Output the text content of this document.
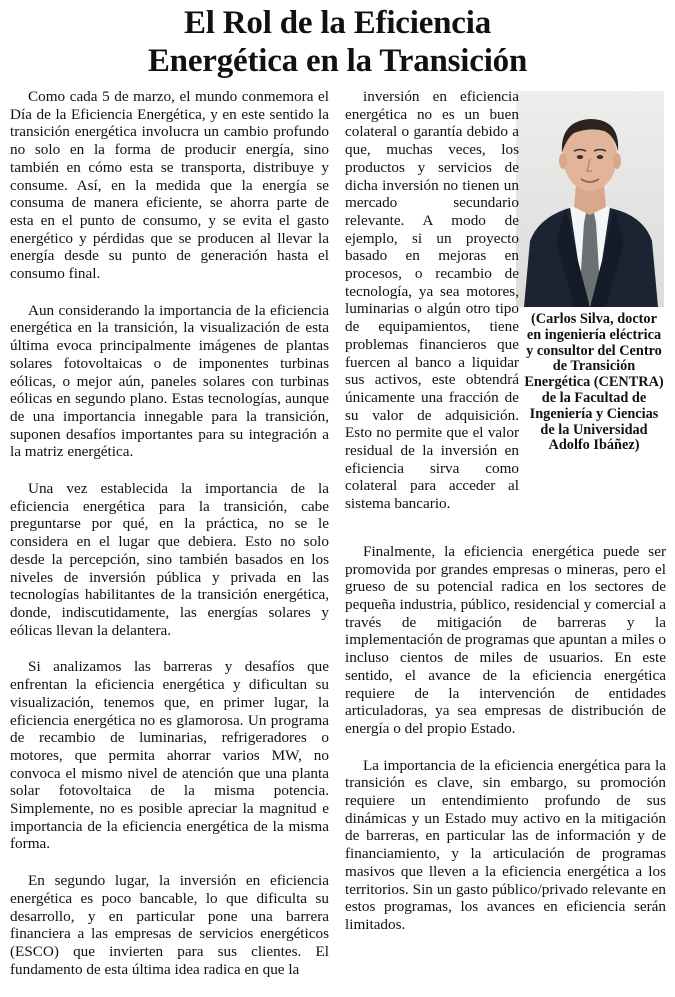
El Rol de la Eficiencia
Energética en la Transición

Como cada 5 de marzo, el mundo conmemora el Día de la Eficiencia Energética, y en este sentido la transición energética involucra un cambio profundo no solo en la forma de producir energía, sino también en cómo esta se transporta, distribuye y consume. Así, en la medida que la energía se consuma de manera eficiente, se ahorra parte de esta en el punto de consumo, y se evita el gasto energético y pérdidas que se producen al llevar la energía desde su punto de generación hasta el consumo final.

Aun considerando la importancia de la eficiencia energética en la transición, la visualización de esta última evoca principalmente imágenes de plantas solares fotovoltaicas o de imponentes turbinas eólicas, o mejor aún, paneles solares con turbinas eólicas en segundo plano. Estas tecnologías, aunque de una importancia innegable para la transición, suponen desafíos importantes para su integración a la matriz energética.

Una vez establecida la importancia de la eficiencia energética para la transición, cabe preguntarse por qué, en la práctica, no se le considera en el lugar que debiera. Esto no solo desde la percepción, sino también basados en los niveles de inversión pública y privada en las tecnologías habilitantes de la transición energética, donde, indiscutidamente, las energías solares y eólicas llevan la delantera.

Si analizamos las barreras y desafíos que enfrentan la eficiencia energética y dificultan su visualización, tenemos que, en primer lugar, la eficiencia energética no es glamorosa. Un programa de recambio de luminarias, refrigeradores o motores, que permita ahorrar varios MW, no convoca el mismo nivel de atención que una planta solar fotovoltaica de la misma potencia. Simplemente, no es posible apreciar la magnitud e importancia de la eficiencia energética de la misma forma.

En segundo lugar, la inversión en eficiencia energética es poco bancable, lo que dificulta su desarrollo, y en particular pone una barrera financiera a las empresas de servicios energéticos (ESCO) que invierten para sus clientes. El fundamento de esta última idea radica en que la

(Carlos Silva, doctor en ingeniería eléctrica y consultor del Centro de Transición Energética (CENTRA) de la Facultad de Ingeniería y Ciencias de la Universidad Adolfo Ibáñez)

inversión en eficiencia energética no es un buen colateral o garantía debido a que, muchas veces, los productos y servicios de dicha inversión no tienen un mercado secundario relevante. A modo de ejemplo, si un proyecto basado en mejoras en procesos, o recambio de tecnología, ya sea motores, luminarias o algún otro tipo de equipamientos, tiene problemas financieros que fuercen al banco a liquidar sus activos, este obtendrá únicamente una fracción de su valor de adquisición. Esto no permite que el valor residual de la inversión en eficiencia sirva como colateral para acceder al sistema bancario.

Finalmente, la eficiencia energética puede ser promovida por grandes empresas o mineras, pero el grueso de su potencial radica en los sectores de pequeña industria, público, residencial y comercial a través de mitigación de barreras y la implementación de programas que apuntan a miles o incluso cientos de miles de usuarios. En este sentido, el avance de la eficiencia energética requiere de la intervención de entidades articuladoras, ya sea empresas de distribución de energía o del propio Estado.

La importancia de la eficiencia energética para la transición es clave, sin embargo, su promoción requiere un entendimiento profundo de sus dinámicas y un Estado muy activo en la mitigación de barreras, en particular las de información y de financiamiento, y la articulación de programas masivos que lleven a la eficiencia energética a los territorios. Sin un gasto público/privado relevante en estos programas, los avances en eficiencia serán limitados.
